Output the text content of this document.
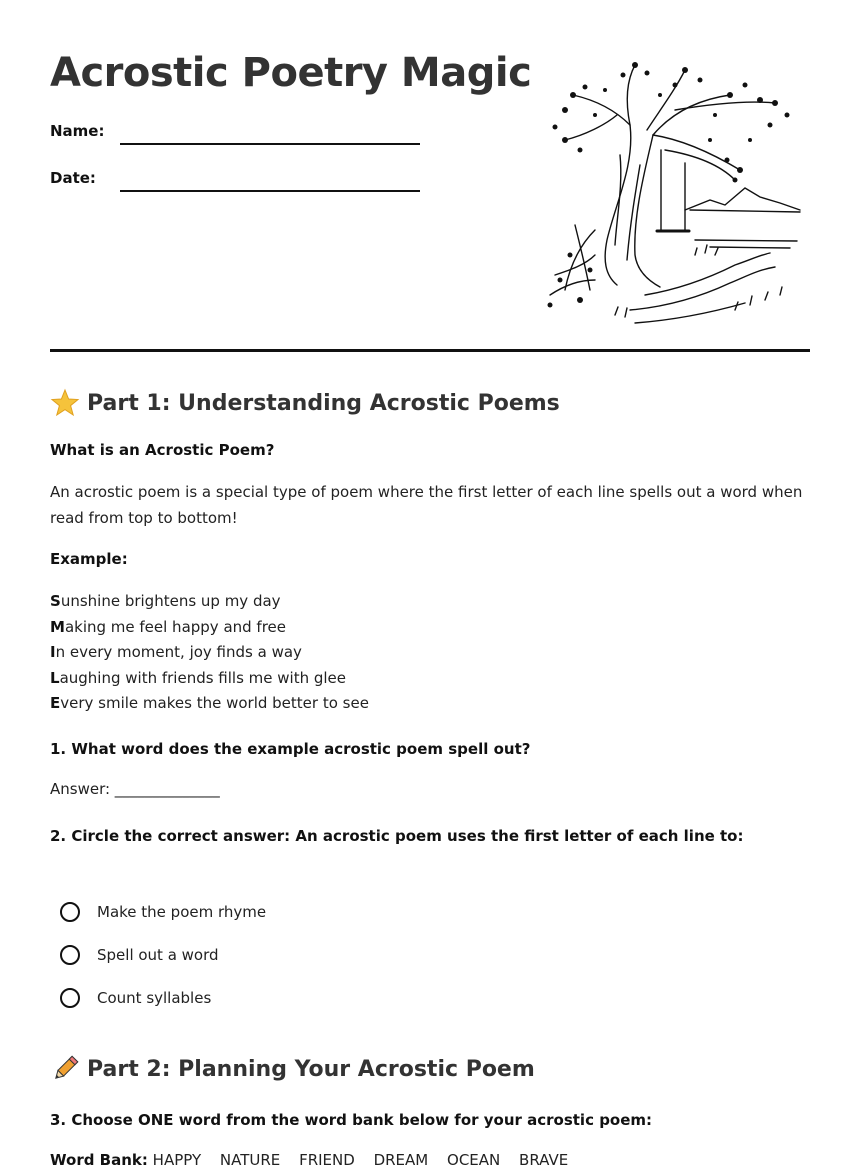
Acrostic Poetry Magic
Name:
Date:
Part 1: Understanding Acrostic Poems

What is an Acrostic Poem?

An acrostic poem is a special type of poem where the first letter of each line spells out a word when read from top to bottom!

Example:

Sunshine brightens up my day
Making me feel happy and free
In every moment, joy finds a way
Laughing with friends fills me with glee
Every smile makes the world better to see

1. What word does the example acrostic poem spell out?

Answer: ______________

2. Circle the correct answer: An acrostic poem uses the first letter of each line to:

Make the poem rhyme
Spell out a word
Count syllables
Part 2: Planning Your Acrostic Poem

3. Choose ONE word from the word bank below for your acrostic poem:

Word Bank: HAPPY NATURE FRIEND DREAM OCEAN BRAVE
